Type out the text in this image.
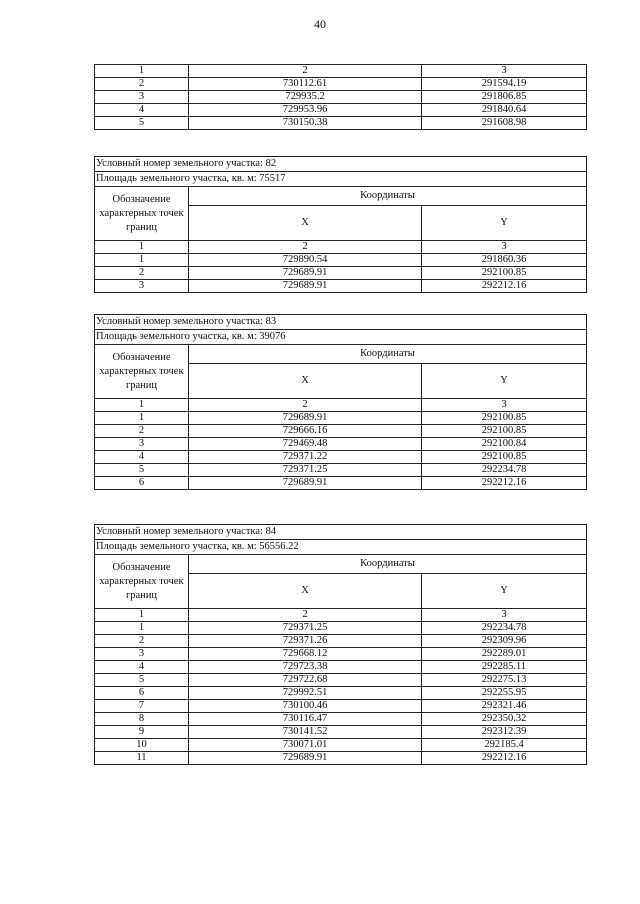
40
1	2	3
2	730112.61	291594.19
3	729935.2	291806.85
4	729953.96	291840.64
5	730150.38	291608.98
Условный номер земельного участка: 82		
Площадь земельного участка, кв. м: 75517		
Обозначение характерных точек границ	Координаты	
	X	Y
1	2	3
1	729890.54	291860.36
2	729689.91	292100.85
3	729689.91	292212.16
Условный номер земельного участка: 83		
Площадь земельного участка, кв. м: 39076		
Обозначение характерных точек границ	Координаты	
	X	Y
1	2	3
1	729689.91	292100.85
2	729666.16	292100.85
3	729469.48	292100.84
4	729371.22	292100.85
5	729371.25	292234.78
6	729689.91	292212.16
Условный номер земельного участка: 84		
Площадь земельного участка, кв. м: 56556.22		
Обозначение характерных точек границ	Координаты	
	X	Y
1	2	3
1	729371.25	292234.78
2	729371.26	292309.96
3	729668.12	292289.01
4	729723.38	292285.11
5	729722.68	292275.13
6	729992.51	292255.95
7	730100.46	292321.46
8	730116.47	292350.32
9	730141.52	292312.39
10	730071.01	292185.4
11	729689.91	292212.16
